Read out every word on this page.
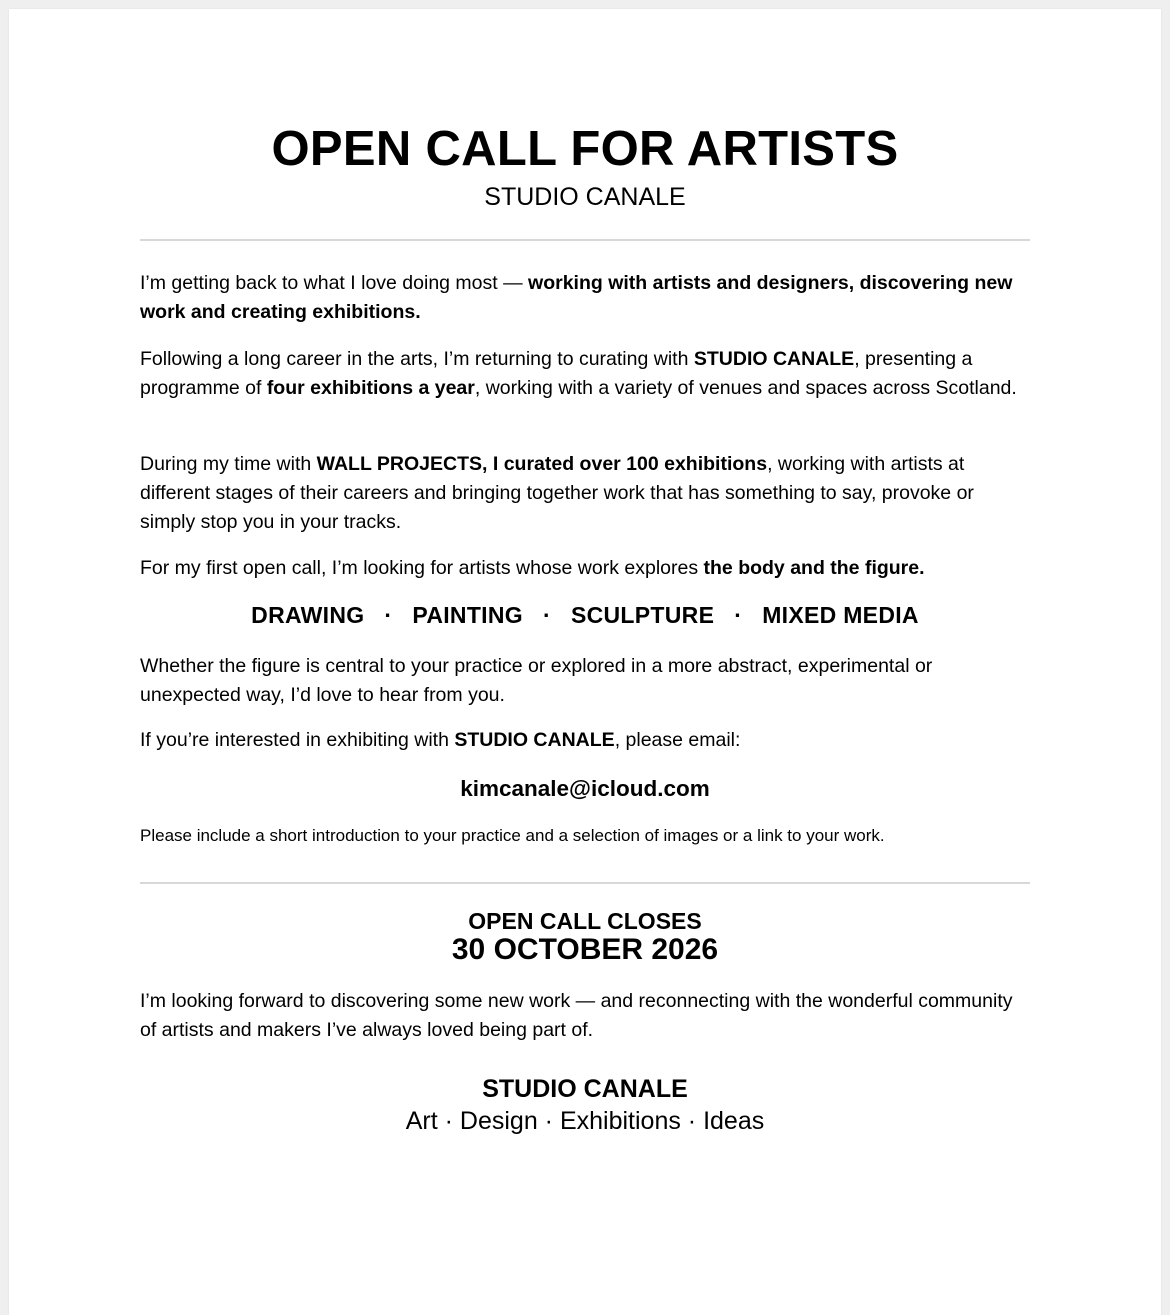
OPEN CALL FOR ARTISTS
STUDIO CANALE

I’m getting back to what I love doing most — working with artists and designers, discovering new work and creating exhibitions.

Following a long career in the arts, I’m returning to curating with STUDIO CANALE, presenting a programme of four exhibitions a year, working with a variety of venues and spaces across Scotland.

During my time with WALL PROJECTS, I curated over 100 exhibitions, working with artists at different stages of their careers and bringing together work that has something to say, provoke or simply stop you in your tracks.

For my first open call, I’m looking for artists whose work explores the body and the figure.

DRAWING · PAINTING · SCULPTURE · MIXED MEDIA

Whether the figure is central to your practice or explored in a more abstract, experimental or unexpected way, I’d love to hear from you.

If you’re interested in exhibiting with STUDIO CANALE, please email:

kimcanale@icloud.com
Please include a short introduction to your practice and a selection of images or a link to your work.
OPEN CALL CLOSES
30 OCTOBER 2026

I’m looking forward to discovering some new work — and reconnecting with the wonderful community of artists and makers I’ve always loved being part of.

STUDIO CANALE
Art · Design · Exhibitions · Ideas
